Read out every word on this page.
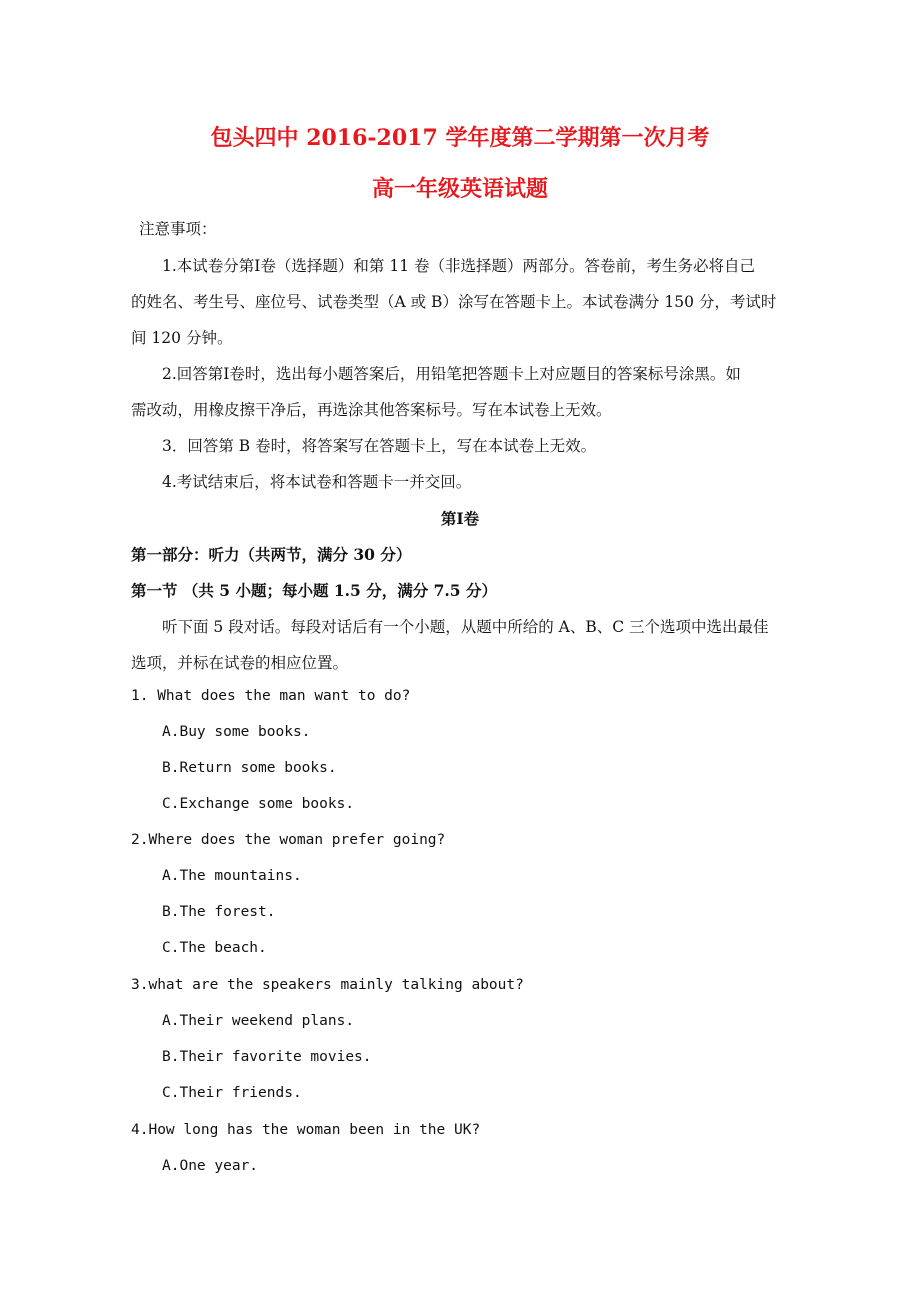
包头四中 2016-2017 学年度第二学期第一次月考
高一年级英语试题
注意事项：
1.本试卷分第Ⅰ卷（选择题）和第 11 卷（非选择题）两部分。答卷前，考生务必将自己
的姓名、考生号、座位号、试卷类型（A 或 B）涂写在答题卡上。本试卷满分 150 分，考试时
间 120 分钟。
2.回答第Ⅰ卷时，选出每小题答案后，用铅笔把答题卡上对应题目的答案标号涂黑。如
需改动，用橡皮擦干净后，再选涂其他答案标号。写在本试卷上无效。
3．回答第 B 卷时，将答案写在答题卡上，写在本试卷上无效。
4.考试结束后，将本试卷和答题卡一并交回。
第Ⅰ卷
第一部分：听力（共两节，满分 30 分）
第一节 （共 5 小题；每小题 1.5 分，满分 7.5 分）
听下面 5 段对话。每段对话后有一个小题，从题中所给的 A、B、C 三个选项中选出最佳
选项，并标在试卷的相应位置。
1. What does the man want to do?
A.Buy some books.
B.Return some books.
C.Exchange some books.
2.Where does the woman prefer going?
A.The mountains.
B.The forest.
C.The beach.
3.what are the speakers mainly talking about?
A.Their weekend plans.
B.Their favorite movies.
C.Their friends.
4.How long has the woman been in the UK?
A.One year.
